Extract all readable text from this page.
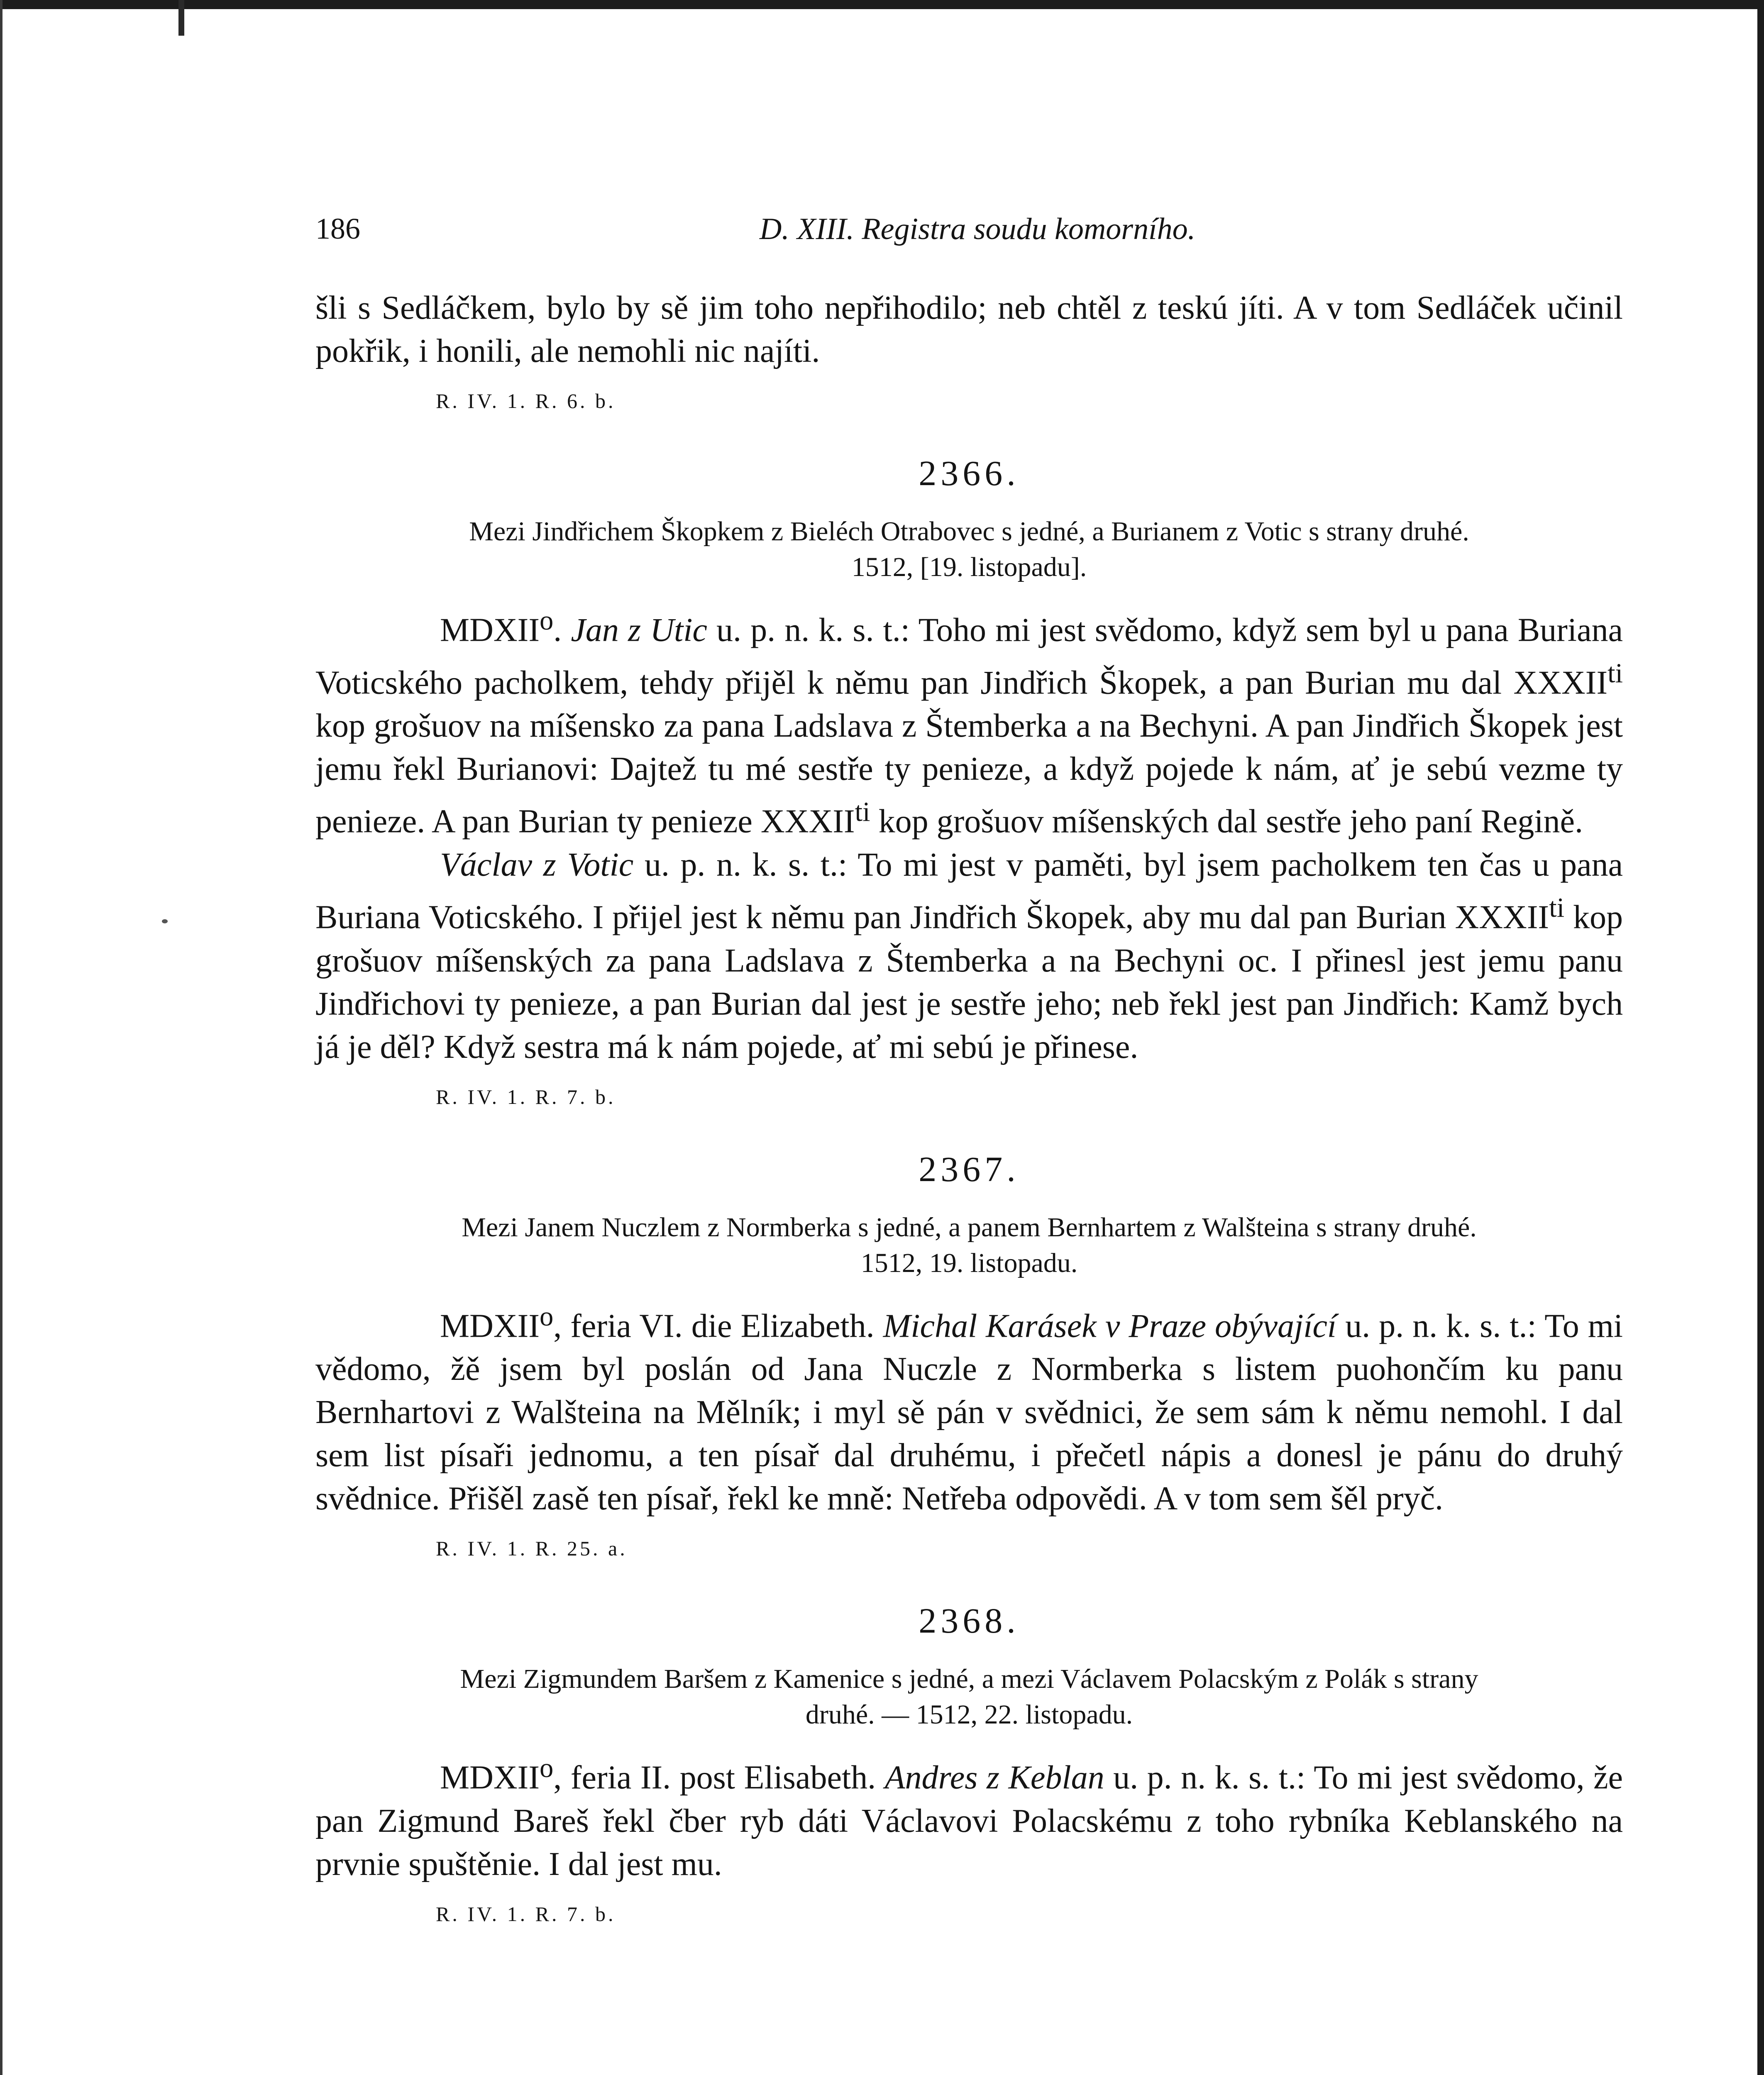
186	D. XIII. Registra soudu komorního.

šli s Sedláčkem, bylo by sě jim toho nepřihodilo; neb chtěl z teskú jíti. A v tom Sedláček učinil pokřik, i honili, ale nemohli nic najíti.

R. IV. 1. R. 6. b.
2366.
Mezi Jindřichem Škopkem z Bieléch Otrabovec s jedné, a Burianem z Votic s strany druhé.
1512, [19. listopadu].

MDXII$^o$. Jan z Utic u. p. n. k. s. t.: Toho mi jest svědomo, když sem byl u pana Buriana Voticského pacholkem, tehdy přijěl k němu pan Jindřich Škopek, a pan Burian mu dal $XXXII^{ti}$ kop grošuov na míšensko za pana Ladslava z Štemberka a na Bechyni. A pan Jindřich Škopek jest jemu řekl Burianovi: Dajtež tu mé sestře ty penieze, a když pojede k nám, ať je sebú vezme ty penieze. A pan Burian ty penieze $XXXII^{ti}$ kop grošuov míšenských dal sestře jeho paní Regině.

Václav z Votic u. p. n. k. s. t.: To mi jest v paměti, byl jsem pacholkem ten čas u pana Buriana Voticského. I přijel jest k němu pan Jindřich Škopek, aby mu dal pan Burian $XXXII^{ti}$ kop grošuov míšenských za pana Ladslava z Štemberka a na Bechyni oc. I přinesl jest jemu panu Jindřichovi ty penieze, a pan Burian dal jest je sestře jeho; neb řekl jest pan Jindřich: Kamž bych já je děl? Když sestra má k nám pojede, ať mi sebú je přinese.

R. IV. 1. R. 7. b.
2367.
Mezi Janem Nuczlem z Normberka s jedné, a panem Bernhartem z Walšteina s strany druhé.
1512, 19. listopadu.

MDXII$^o$, feria VI. die Elizabeth. Michal Karásek v Praze obývající u. p. n. k. s. t.: To mi vědomo, žě jsem byl poslán od Jana Nuczle z Normberka s listem puohončím ku panu Bernhartovi z Walšteina na Mělník; i myl sě pán v svědnici, že sem sám k němu nemohl. I dal sem list písaři jednomu, a ten písař dal druhému, i přečetl nápis a donesl je pánu do druhý svědnice. Přišěl zasě ten písař, řekl ke mně: Netřeba odpovědi. A v tom sem šěl pryč.

R. IV. 1. R. 25. a.
2368.
Mezi Zigmundem Baršem z Kamenice s jedné, a mezi Václavem Polacským z Polák s strany
druhé. — 1512, 22. listopadu.

MDXII$^o$, feria II. post Elisabeth. Andres z Keblan u. p. n. k. s. t.: To mi jest svědomo, že pan Zigmund Bareš řekl čber ryb dáti Václavovi Polacskému z toho rybníka Keblanského na prvnie spuštěnie. I dal jest mu.

R. IV. 1. R. 7. b.
